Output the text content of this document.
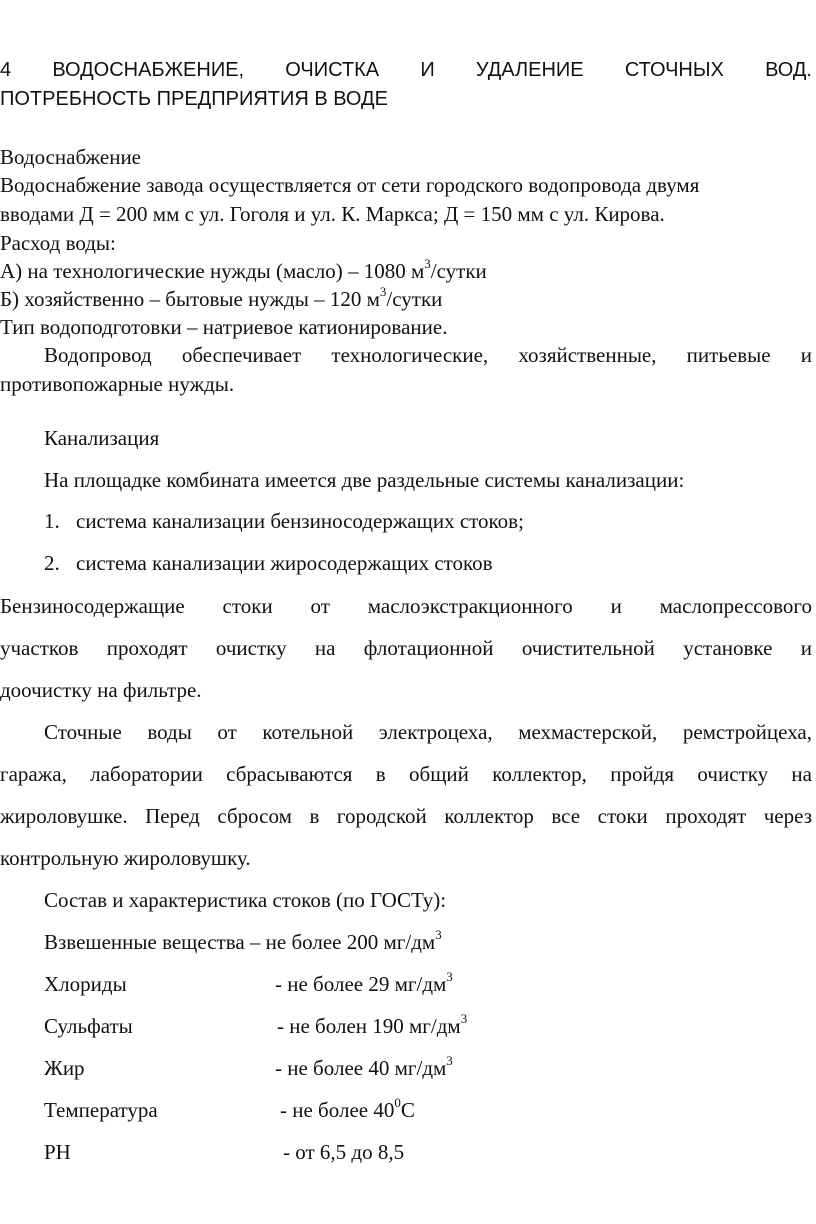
4 ВОДОСНАБЖЕНИЕ, ОЧИСТКА И УДАЛЕНИЕ СТОЧНЫХ ВОД.
ПОТРЕБНОСТЬ ПРЕДПРИЯТИЯ В ВОДЕ
Водоснабжение
Водоснабжение завода осуществляется от сети городского водопровода двумя
вводами Д = 200 мм с ул. Гоголя и ул. К. Маркса; Д = 150 мм с ул. Кирова.
Расход воды:
А) на технологические нужды (масло) – 1080 $м^3$/сутки
Б) хозяйственно – бытовые нужды – 120 $м^3$/сутки
Тип водоподготовки – натриевое катионирование.
Водопровод обеспечивает технологические, хозяйственные, питьевые и
противопожарные нужды.
Канализация
На площадке комбината имеется две раздельные системы канализации:
1. система канализации бензиносодержащих стоков;
2. система канализации жиросодержащих стоков
Бензиносодержащие стоки от маслоэкстракционного и маслопрессового
участков проходят очистку на флотационной очистительной установке и
доочистку на фильтре.
Сточные воды от котельной электроцеха, мехмастерской, ремстройцеха,
гаража, лаборатории сбрасываются в общий коллектор, пройдя очистку на
жироловушке. Перед сбросом в городской коллектор все стоки проходят через
контрольную жироловушку.
Состав и характеристика стоков (по ГОСТу):
Взвешенные вещества – не более 200 $мг/дм^3$
Хлориды	- не более 29 $мг/дм^3$
Сульфаты	- не болен 190 $мг/дм^3$
Жир	- не более 40 $мг/дм^3$
Температура	- не более $40^0С$
РН	- от 6,5 до 8,5
